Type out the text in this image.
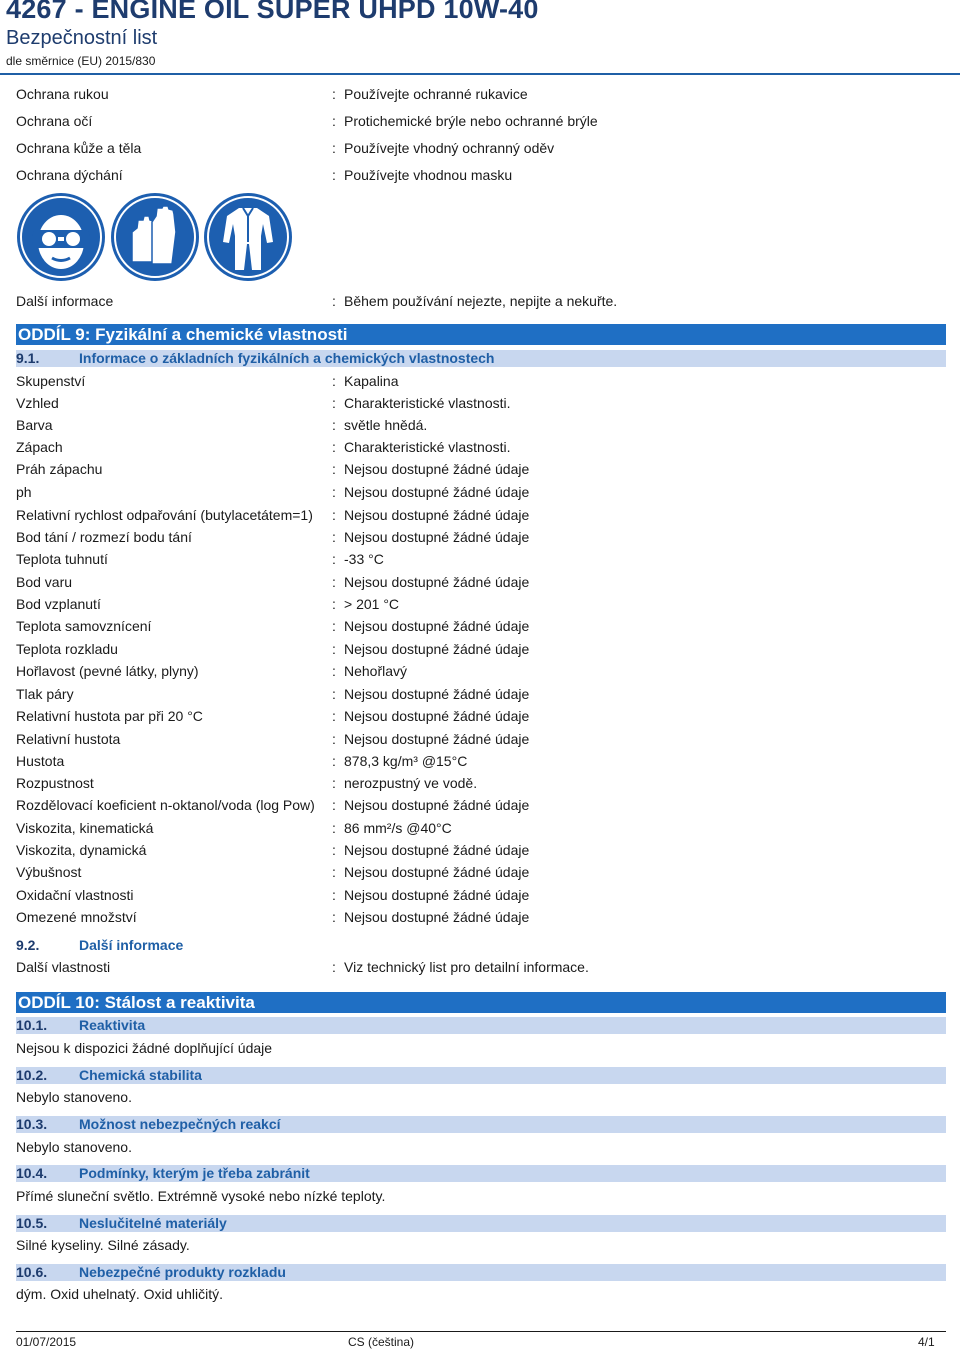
4267 - ENGINE OIL SUPER UHPD 10W-40
Bezpečnostní list
dle směrnice (EU) 2015/830
Ochrana rukou	: Používejte ochranné rukavice
Ochrana očí	: Protichemické brýle nebo ochranné brýle
Ochrana kůže a těla	: Používejte vhodný ochranný oděv
Ochrana dýchání	: Používejte vhodnou masku
Další informace	: Během používání nejezte, nepijte a nekuřte.
ODDÍL 9: Fyzikální a chemické vlastnosti
9.1.	Informace o základních fyzikálních a chemických vlastnostech
Skupenství	: Kapalina
Vzhled	: Charakteristické vlastnosti.
Barva	: světle hnědá.
Zápach	: Charakteristické vlastnosti.
Práh zápachu	: Nejsou dostupné žádné údaje
ph	: Nejsou dostupné žádné údaje
Relativní rychlost odpařování (butylacetátem=1) : Nejsou dostupné žádné údaje
Bod tání / rozmezí bodu tání	: Nejsou dostupné žádné údaje
Teplota tuhnutí	: -33 °C
Bod varu	: Nejsou dostupné žádné údaje
Bod vzplanutí	: > 201 °C
Teplota samovznícení	: Nejsou dostupné žádné údaje
Teplota rozkladu	: Nejsou dostupné žádné údaje
Hořlavost (pevné látky, plyny)	: Nehořlavý
Tlak páry	: Nejsou dostupné žádné údaje
Relativní hustota par při 20 °C	: Nejsou dostupné žádné údaje
Relativní hustota	: Nejsou dostupné žádné údaje
Hustota	: 878,3 kg/m³ @15°C
Rozpustnost	: nerozpustný ve vodě.
Rozdělovací koeficient n-oktanol/voda (log Pow) : Nejsou dostupné žádné údaje
Viskozita, kinematická	: 86 mm²/s @40°C
Viskozita, dynamická	: Nejsou dostupné žádné údaje
Výbušnost	: Nejsou dostupné žádné údaje
Oxidační vlastnosti	: Nejsou dostupné žádné údaje
Omezené množství	: Nejsou dostupné žádné údaje
9.2.	Další informace
Další vlastnosti	: Viz technický list pro detailní informace.
ODDÍL 10: Stálost a reaktivita
10.1. Reaktivita
Nejsou k dispozici žádné doplňující údaje
10.2. Chemická stabilita
Nebylo stanoveno.
10.3. Možnost nebezpečných reakcí
Nebylo stanoveno.
10.4. Podmínky, kterým je třeba zabránit
Přímé sluneční světlo. Extrémně vysoké nebo nízké teploty.
10.5. Neslučitelné materiály
Silné kyseliny. Silné zásady.
10.6. Nebezpečné produkty rozkladu
dým. Oxid uhelnatý. Oxid uhličitý.
01/07/2015	CS (čeština)	4/1
